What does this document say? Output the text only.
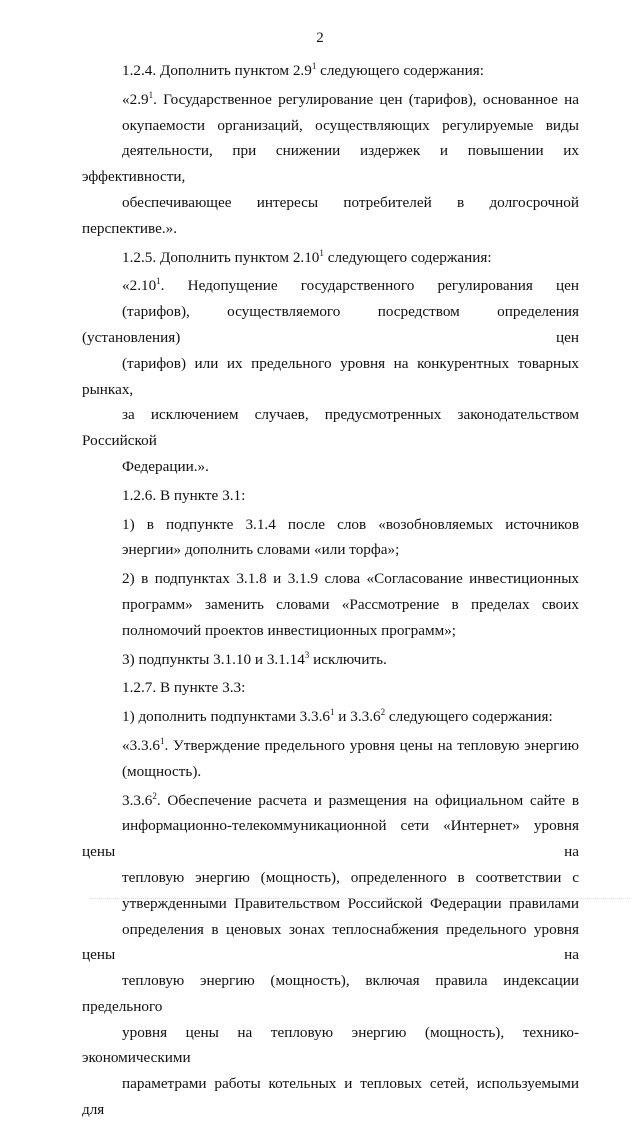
2
1.2.4. Дополнить пунктом $2.9^1$ следующего содержания:
«$2.9^1$. Государственное регулирование цен (тарифов), основанное на
окупаемости организаций, осуществляющих регулируемые виды
деятельности, при снижении издержек и повышении их эффективности,
обеспечивающее интересы потребителей в долгосрочной перспективе.».
1.2.5. Дополнить пунктом 2.10$^1$ следующего содержания:
«2.10$^1$. Недопущение государственного регулирования цен
(тарифов), осуществляемого посредством определения (установления) цен
(тарифов) или их предельного уровня на конкурентных товарных рынках,
за исключением случаев, предусмотренных законодательством Российской
Федерации.».
1.2.6. В пункте 3.1:
1) в подпункте 3.1.4 после слов «возобновляемых источников
энергии» дополнить словами «или торфа»;
2) в подпунктах 3.1.8 и 3.1.9 слова «Согласование инвестиционных
программ» заменить словами «Рассмотрение в пределах своих
полномочий проектов инвестиционных программ»;
3) подпункты 3.1.10 и 3.1.14$^3$ исключить.
1.2.7. В пункте 3.3:
1) дополнить подпунктами 3.3.6$^1$ и 3.3.6$^2$ следующего содержания:
«3.3.6$^1$. Утверждение предельного уровня цены на тепловую энергию
(мощность).
3.3.6$^2$. Обеспечение расчета и размещения на официальном сайте в
информационно-телекоммуникационной сети «Интернет» уровня цены на
тепловую энергию (мощность), определенного в соответствии с
утвержденными Правительством Российской Федерации правилами
определения в ценовых зонах теплоснабжения предельного уровня цены на
тепловую энергию (мощность), включая правила индексации предельного
уровня цены на тепловую энергию (мощность), технико-экономическими
параметрами работы котельных и тепловых сетей, используемыми для
